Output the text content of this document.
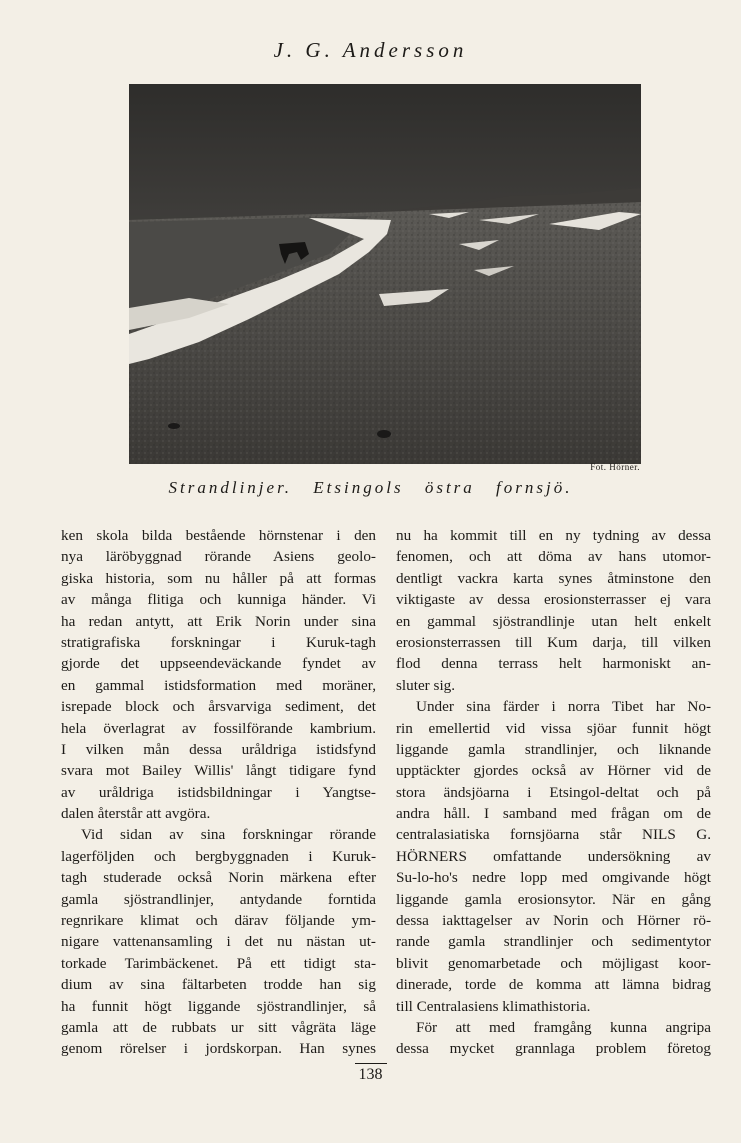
J. G. Andersson
Fot. Hörner.
Strandlinjer. Etsingols östra fornsjö.
ken skola bilda bestående hörnstenar i den
nya läröbyggnad rörande Asiens geolo-
giska historia, som nu håller på att formas
av många flitiga och kunniga händer. Vi
ha redan antytt, att Erik Norin under sina
stratigrafiska forskningar i Kuruk-tagh
gjorde det uppseendeväckande fyndet av
en gammal istidsformation med moräner,
isrepade block och årsvarviga sediment, det
hela överlagrat av fossilförande kambrium.
I vilken mån dessa uråldriga istidsfynd
svara mot Bailey Willis' långt tidigare fynd
av uråldriga istidsbildningar i Yangtse-
dalen återstår att avgöra.
Vid sidan av sina forskningar rörande
lagerföljden och bergbyggnaden i Kuruk-
tagh studerade också Norin märkena efter
gamla sjöstrandlinjer, antydande forntida
regnrikare klimat och därav följande ym-
nigare vattenansamling i det nu nästan ut-
torkade Tarimbäckenet. På ett tidigt sta-
dium av sina fältarbeten trodde han sig
ha funnit högt liggande sjöstrandlinjer, så
gamla att de rubbats ur sitt vågräta läge
genom rörelser i jordskorpan. Han synes
nu ha kommit till en ny tydning av dessa
fenomen, och att döma av hans utomor-
dentligt vackra karta synes åtminstone den
viktigaste av dessa erosionsterrasser ej vara
en gammal sjöstrandlinje utan helt enkelt
erosionsterrassen till Kum darja, till vilken
flod denna terrass helt harmoniskt an-
sluter sig.
Under sina färder i norra Tibet har No-
rin emellertid vid vissa sjöar funnit högt
liggande gamla strandlinjer, och liknande
upptäckter gjordes också av Hörner vid de
stora ändsjöarna i Etsingol-deltat och på
andra håll. I samband med frågan om de
centralasiatiska fornsjöarna står NILS G.
HÖRNERS omfattande undersökning av
Su-lo-ho's nedre lopp med omgivande högt
liggande gamla erosionsytor. När en gång
dessa iakttagelser av Norin och Hörner rö-
rande gamla strandlinjer och sedimentytor
blivit genomarbetade och möjligast koor-
dinerade, torde de komma att lämna bidrag
till Centralasiens klimathistoria.
För att med framgång kunna angripa
dessa mycket grannlaga problem företog
138
